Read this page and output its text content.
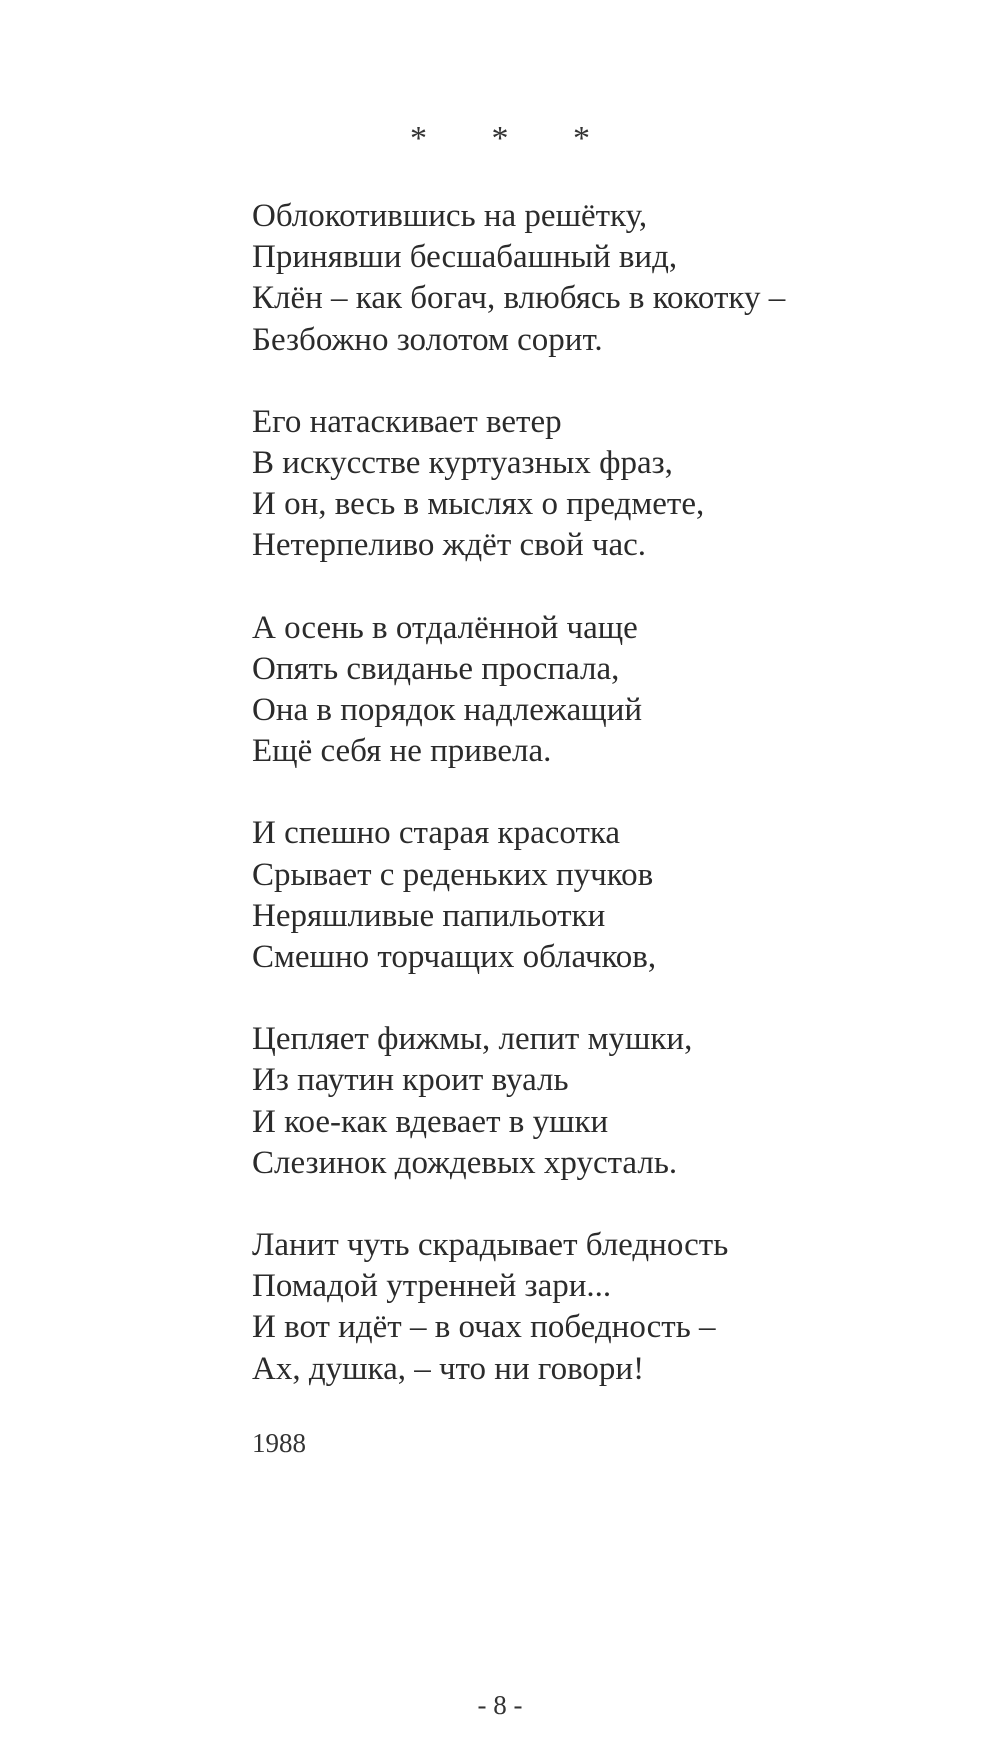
* * *
Облокотившись на решётку,
Принявши бесшабашный вид,
Клён – как богач, влюбясь в кокотку –
Безбожно золотом сорит.
Его натаскивает ветер
В искусстве куртуазных фраз,
И он, весь в мыслях о предмете,
Нетерпеливо ждёт свой час.
А осень в отдалённой чаще
Опять свиданье проспала,
Она в порядок надлежащий
Ещё себя не привела.
И спешно старая красотка
Срывает с реденьких пучков
Неряшливые папильотки
Смешно торчащих облачков,
Цепляет фижмы, лепит мушки,
Из паутин кроит вуаль
И кое-как вдевает в ушки
Слезинок дождевых хрусталь.
Ланит чуть скрадывает бледность
Помадой утренней зари...
И вот идёт – в очах победность –
Ах, душка, – что ни говори!
1988
- 8 -
